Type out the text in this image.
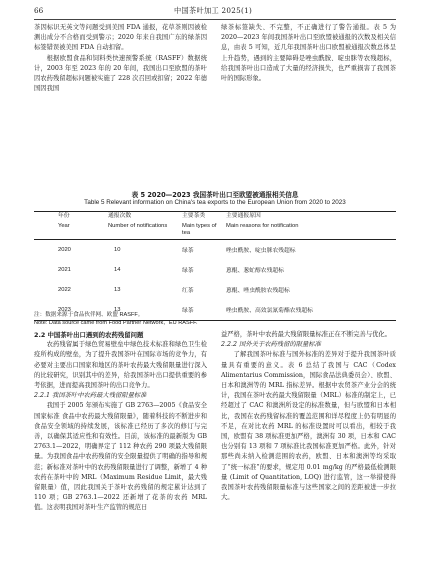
66	中国茶叶加工 2025(1)

茶因标识无英文等问题受到美国 FDA 通报，花草茶则因被检测出成分不合格而受到警示；2020 年来自我国广东的绿茶因标签错误被美国 FDA 自动扣留。

根据欧盟食品和饲料类快速预警系统（RASFF）数据统计，2003 年至 2023 年的 20 年间，我国出口至欧盟的茶叶因农药残留超标问题被实施了 228 次召回或扣留；2022 年德国因我国

绿茶标签缺失、不完整，不正确进行了警告通报。表 5 为 2020—2023 年间我国茶叶出口至欧盟被通报的次数及相关信息，由表 5 可知，近几年我国茶叶出口欧盟被通报次数总体呈上升趋势，遇到的主要障碍是唑虫酰胺、啶虫脒等农残超标，给我国茶叶出口造成了大量的经济损失，也严重损害了我国茶叶的国际形象。

表 5 2020—2023 我国茶叶出口至欧盟被通报相关信息
Table 5 Relevant information on China's tea exports to the European Union from 2020 to 2023
年份	通报次数	主要茶类	主要通报原因
Year	Number of notifications	Main types of tea	Main reasons for notification
2020	10	绿茶	唑虫酰胺、啶虫脒农残超标
2021	14	绿茶	蒽醌、葱虻醇农残超标
2022	13	红茶	蒽醌、唑虫酰胺农残超标
2023	13	绿茶	唑虫酰胺、高效氯氰菊酯农残超标
注：数据来源于食品伙伴网、欧盟 RASFF。
Note: Data source came from Food Partner Network，EU RASFF.

2.2 中国茶叶出口遇到的农药残留问题

农药残留属于绿色贸易壁垒中绿色技术标准和绿色卫生检疫所构成的壁垒，为了提升我国茶叶在国际市场的竞争力，有必要对主要出口国家和地区的茶叶农药最大残留限量进行深入的比较研究，识别其中的差异，给我国茶叶出口提供重要的参考依据，进而提高我国茶叶的出口竞争力。

2.2.1 我国茶叶中农药最大残留限量标准

我国于 2005 年颁布实施了 GB 2763—2005《食品安全国家标准 食品中农药最大残留限量》，随着科技的不断进步和食品安全领域的持续发展，该标准已经历了多次的修订与完善，以确保其适应性和有效性。目前，该标准的最新版为 GB 2763.1—2022，明确界定了 112 种农药 290 项最大残留限量。为我国食品中农药残留的安全限量提供了明确的指导和规范；新标准对茶叶中的农药残留限量进行了调整，新增了 4 种农药在茶叶中的 MRL（Maximum Residue Limit，最大残留限量）值，因此我国关于茶叶农药残留的规定累计达到了 110 项；GB 2763.1—2022 还新增了花茶的农药 MRL 值。这表明我国对茶叶生产监管的规范日

益严格，茶叶中农药最大残留限量标准正在不断完善与优化。

2.2.2 国外关于农药残留的限量标准

了解我国茶叶标准与国外标准的差异对于提升我国茶叶质量具有重要的意义。表 6 总结了我国与 CAC（Codex Alimentarius Commission，国际食品法典委员会）、欧盟、日本和澳洲等的 MRL 指标差异。根据中农贸茶产业分会的统计，我国在茶叶农药最大残留限量（MRL）标准的制定上，已经超过了 CAC 和澳洲所设定的标准数量，但与欧盟和日本相比，我国在农药残留标准的覆盖范围和详尽程度上仍有明显的不足，在对比农药 MRL 的标准设置时可以看出，相较于我国，欧盟有 38 项标准更加严格，澳洲有 30 项，日本和 CAC 也分别有 13 项和 7 项标准比我国标准更加严格。此外，针对那些尚未纳入检测范围的农药，欧盟、日本和澳洲等均采取了“统一标准”的要求，规定用 0.01 mg/kg 的严格最低检测限量 (Limit of Quantitation, LOQ) 进行监管，这一举措使得我国茶叶农药残留限量标准与这些国家之间的差距被进一步拉大。
